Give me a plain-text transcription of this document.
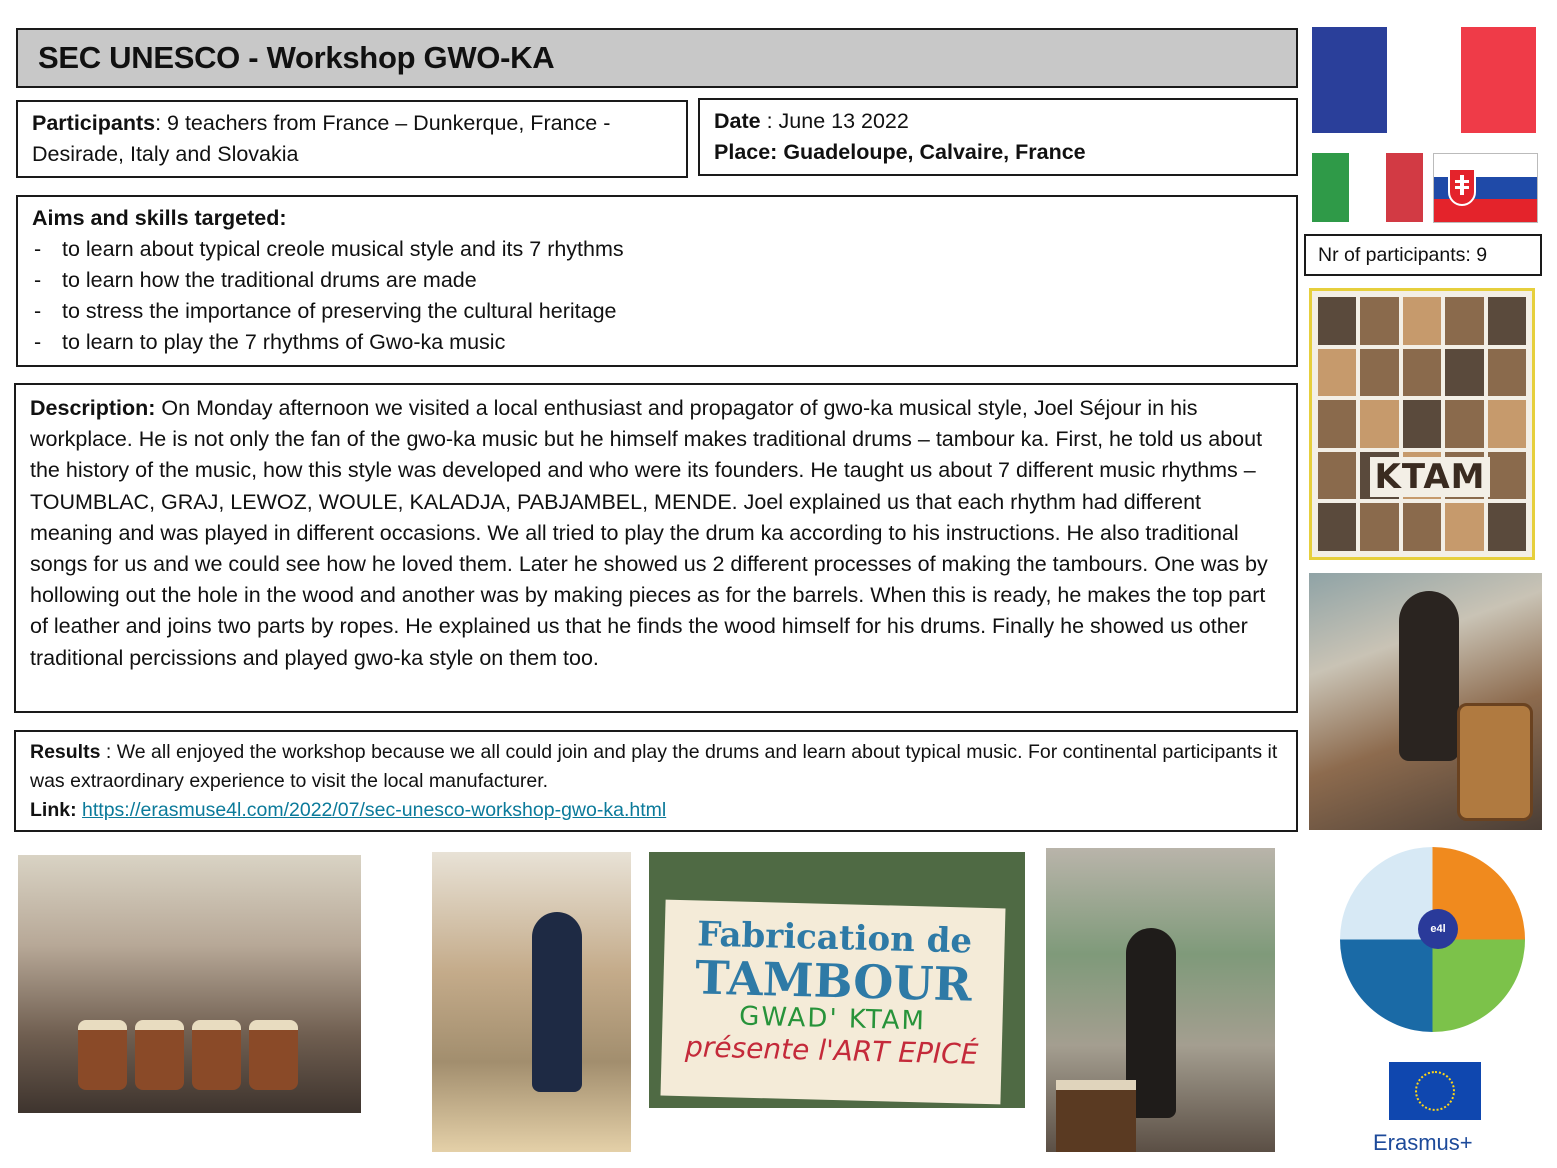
SEC UNESCO - Workshop GWO-KA
Participants: 9 teachers from France – Dunkerque, France - Desirade, Italy and Slovakia
Date : June 13 2022
Place: Guadeloupe, Calvaire, France
Aims and skills targeted:
- to learn about typical creole musical style and its 7 rhythms
- to learn how the traditional drums are made
- to stress the importance of preserving the cultural heritage
- to learn to play the 7 rhythms of Gwo-ka music
Nr of participants: 9
KTAM
Description: On Monday afternoon we visited a local enthusiast and propagator of gwo-ka musical style, Joel Séjour in his workplace. He is not only the fan of the gwo-ka music but he himself makes traditional drums – tambour ka. First, he told us about the history of the music, how this style was developed and who were its founders. He taught us about 7 different music rhythms – TOUMBLAC, GRAJ, LEWOZ, WOULE, KALADJA, PABJAMBEL, MENDE. Joel explained us that each rhythm had different meaning and was played in different occasions. We all tried to play the drum ka according to his instructions. He also traditional songs for us and we could see how he loved them. Later he showed us 2 different processes of making the tambours. One was by hollowing out the hole in the wood and another was by making pieces as for the barrels. When this is ready, he makes the top part of leather and joins two parts by ropes. He explained us that he finds the wood himself for his drums. Finally he showed us other traditional percissions and played gwo-ka style on them too.
Results : We all enjoyed the workshop because we all could join and play the drums and learn about typical music. For continental participants it was extraordinary experience to visit the local manufacturer.
Link: https://erasmuse4l.com/2022/07/sec-unesco-workshop-gwo-ka.html
Fabrication de
TAMBOUR
GWAD' KTAM
présente l'ART EPICÉ
e4l
Erasmus+
